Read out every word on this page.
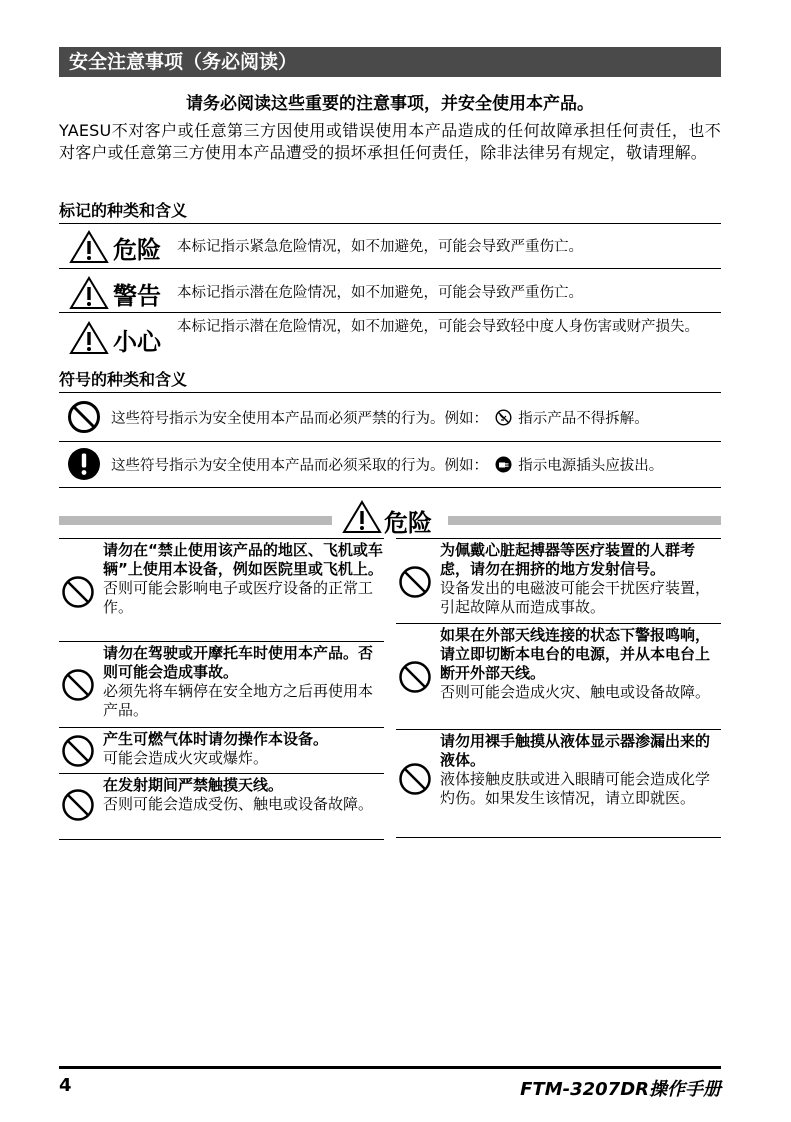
安全注意事项（务必阅读）
请务必阅读这些重要的注意事项，并安全使用本产品。
YAESU不对客户或任意第三方因使用或错误使用本产品造成的任何故障承担任何责任，也不对客户或任意第三方使用本产品遭受的损坏承担任何责任，除非法律另有规定，敬请理解。
标记的种类和含义
危险 本标记指示紧急危险情况，如不加避免，可能会导致严重伤亡。
警告 本标记指示潜在危险情况，如不加避免，可能会导致严重伤亡。
小心 本标记指示潜在危险情况，如不加避免，可能会导致轻中度人身伤害或财产损失。
符号的种类和含义
这些符号指示为安全使用本产品而必须严禁的行为。例如： 指示产品不得拆解。
这些符号指示为安全使用本产品而必须采取的行为。例如： 指示电源插头应拔出。
危险
请勿在“禁止使用该产品的地区、飞机或车辆”上使用本设备，例如医院里或飞机上。
否则可能会影响电子或医疗设备的正常工作。
请勿在驾驶或开摩托车时使用本产品。否则可能会造成事故。
必须先将车辆停在安全地方之后再使用本产品。
产生可燃气体时请勿操作本设备。
可能会造成火灾或爆炸。
在发射期间严禁触摸天线。
否则可能会造成受伤、触电或设备故障。
为佩戴心脏起搏器等医疗装置的人群考虑，请勿在拥挤的地方发射信号。
设备发出的电磁波可能会干扰医疗装置，引起故障从而造成事故。
如果在外部天线连接的状态下警报鸣响，请立即切断本电台的电源，并从本电台上断开外部天线。
否则可能会造成火灾、触电或设备故障。
请勿用裸手触摸从液体显示器渗漏出来的液体。
液体接触皮肤或进入眼睛可能会造成化学灼伤。如果发生该情况，请立即就医。
4	FTM-3207DR操作手册
